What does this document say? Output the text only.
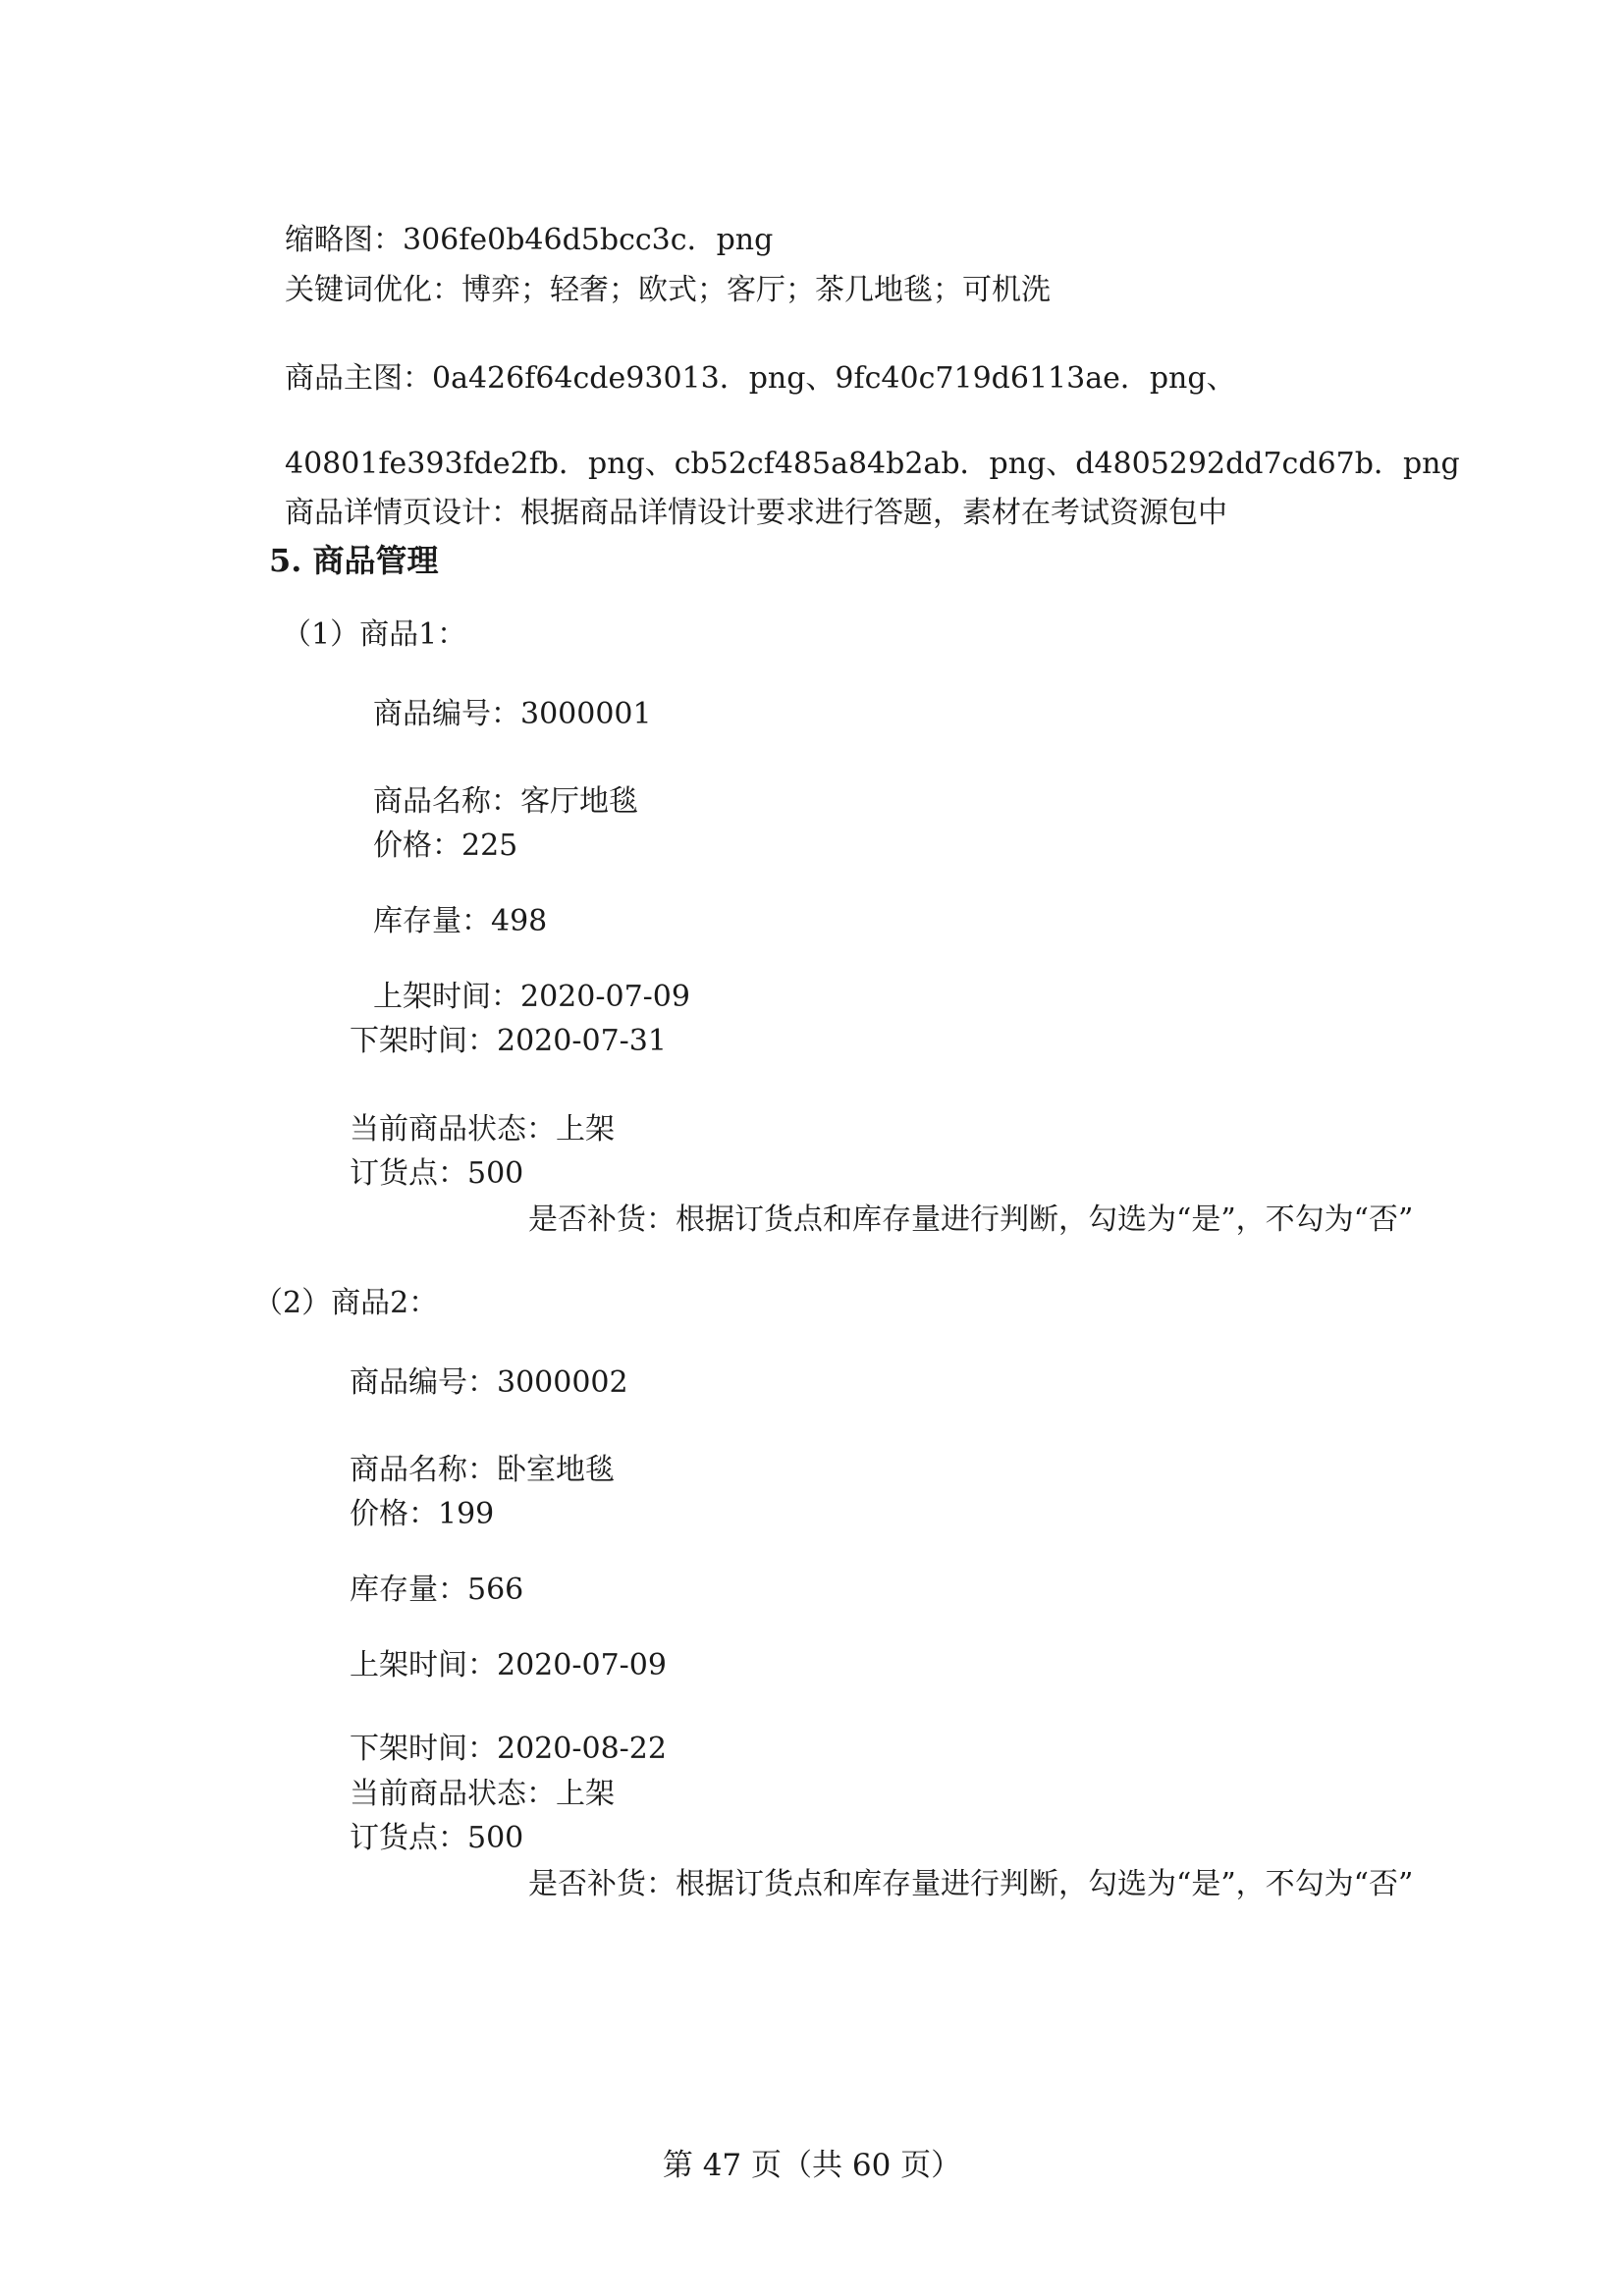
缩略图：306fe0b46d5bcc3c．png

关键词优化：博弈；轻奢；欧式；客厅；茶几地毯；可机洗

商品主图：0a426f64cde93013．png、9fc40c719d6113ae．png、

40801fe393fde2fb．png、cb52cf485a84b2ab．png、d4805292dd7cd67b．png

商品详情页设计：根据商品详情设计要求进行答题，素材在考试资源包中

5. 商品管理

（1）商品1：

商品编号：3000001

商品名称：客厅地毯

价格：225

库存量：498

上架时间：2020-07-09

下架时间：2020-07-31

当前商品状态：上架

订货点：500

是否补货：根据订货点和库存量进行判断，勾选为“是”，不勾为“否”

（2）商品2：

商品编号：3000002

商品名称：卧室地毯

价格：199

库存量：566

上架时间：2020-07-09

下架时间：2020-08-22

当前商品状态：上架

订货点：500

是否补货：根据订货点和库存量进行判断，勾选为“是”，不勾为“否”

第 47 页（共 60 页）
